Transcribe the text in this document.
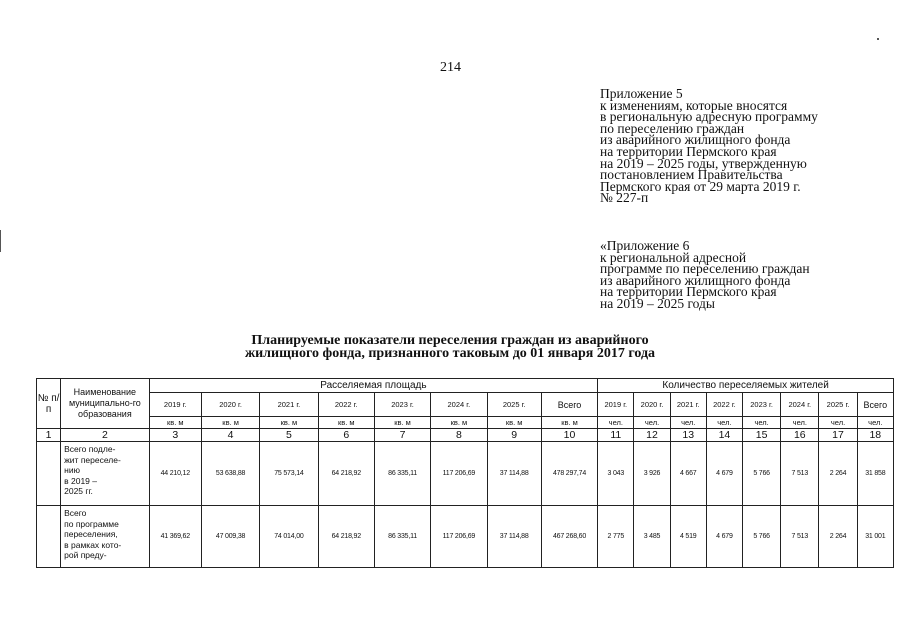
214
Приложение 5
к изменениям, которые вносятся
в региональную адресную программу
по переселению граждан
из аварийного жилищного фонда
на территории Пермского края
на 2019 – 2025 годы, утвержденную
постановлением Правительства
Пермского края от 29 марта 2019 г.
№ 227-п
«Приложение 6
к региональной адресной
программе по переселению граждан
из аварийного жилищного фонда
на территории Пермского края
на 2019 – 2025 годы
Планируемые показатели переселения граждан из аварийного
жилищного фонда, признанного таковым до 01 января 2017 года
№ п/п	Наименование муниципально-го образования	Расселяемая площадь								Количество переселяемых жителей							
		2019 г.	2020 г.	2021 г.	2022 г.	2023 г.	2024 г.	2025 г.	Всего	2019 г.	2020 г.	2021 г.	2022 г.	2023 г.	2024 г.	2025 г.	Всего
		кв. м	кв. м	кв. м	кв. м	кв. м	кв. м	кв. м	кв. м	чел.	чел.	чел.	чел.	чел.	чел.	чел.	чел.
1	2	3	4	5	6	7	8	9	10	11	12	13	14	15	16	17	18

	Всего подле-
жит переселе-
нию
в 2019 –
2025 гг.	44 210,12	53 638,88	75 573,14	64 218,92	86 335,11	117 206,69	37 114,88	478 297,74	3 043	3 926	4 667	4 679	5 766	7 513	2 264	31 858

	Всего
по программе
переселения,
в рамках кото-
рой преду-	41 369,62	47 009,38	74 014,00	64 218,92	86 335,11	117 206,69	37 114,88	467 268,60	2 775	3 485	4 519	4 679	5 766	7 513	2 264	31 001
